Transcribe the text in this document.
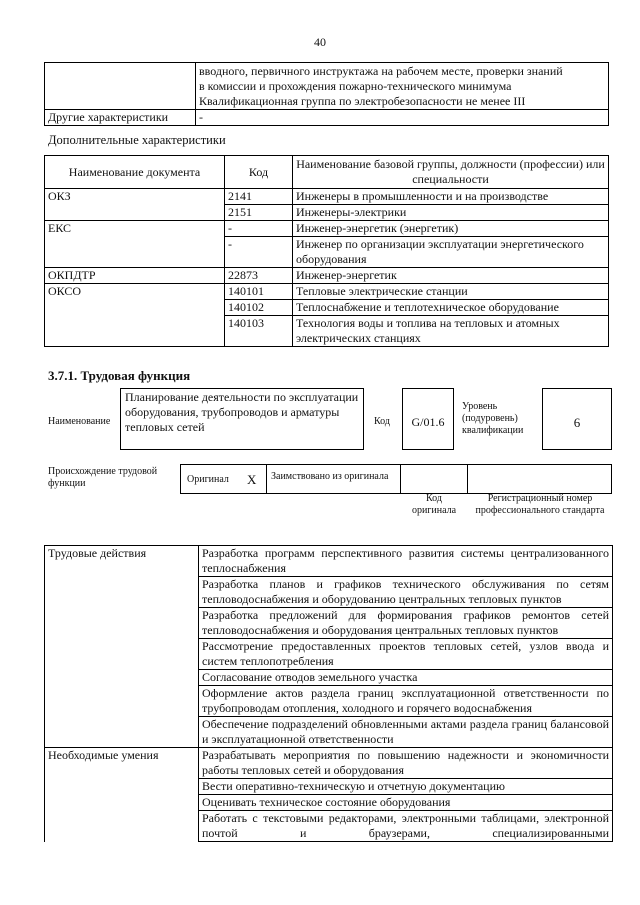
40

	вводного, первичного инструктажа на рабочем месте, проверки знаний
в комиссии и прохождения пожарно-технического минимума
Квалификационная группа по электробезопасности не менее III

Другие характеристики	-
Дополнительные характеристики
Наименование документа	Код	Наименование базовой группы, должности (профессии) или специальности
ОКЗ	2141	Инженеры в промышленности и на производстве
	2151	Инженеры-электрики
ЕКС	-	Инженер-энергетик (энергетик)
	-	Инженер по организации эксплуатации энергетического оборудования
ОКПДТР	22873	Инженер-энергетик
ОКСО	140101	Тепловые электрические станции
	140102	Теплоснабжение и теплотехническое оборудование
	140103	Технология воды и топлива на тепловых и атомных электрических станциях
3.7.1. Трудовая функция
Наименование
Планирование деятельности по эксплуатации оборудования, трубопроводов и арматуры тепловых сетей	Код	G/01.6
Уровень (подуровень) квалификации
6
Происхождение трудовой функции	Оригинал X	Заимствовано из оригинала
Код оригинала
Регистрационный номер профессионального стандарта
Трудовые действия	Разработка программ перспективного развития системы централизованного теплоснабжения
	Разработка планов и графиков технического обслуживания по сетям тепловодоснабжения и оборудованию центральных тепловых пунктов
	Разработка предложений для формирования графиков ремонтов сетей тепловодоснабжения и оборудования центральных тепловых пунктов
	Рассмотрение предоставленных проектов тепловых сетей, узлов ввода и систем теплопотребления
	Согласование отводов земельного участка
	Оформление актов раздела границ эксплуатационной ответственности по трубопроводам отопления, холодного и горячего водоснабжения
	Обеспечение подразделений обновленными актами раздела границ балансовой и эксплуатационной ответственности
Необходимые умения	Разрабатывать мероприятия по повышению надежности и экономичности работы тепловых сетей и оборудования
	Вести оперативно-техническую и отчетную документацию
	Оценивать техническое состояние оборудования
	Работать с текстовыми редакторами, электронными таблицами, электронной почтой и браузерами, специализированными
